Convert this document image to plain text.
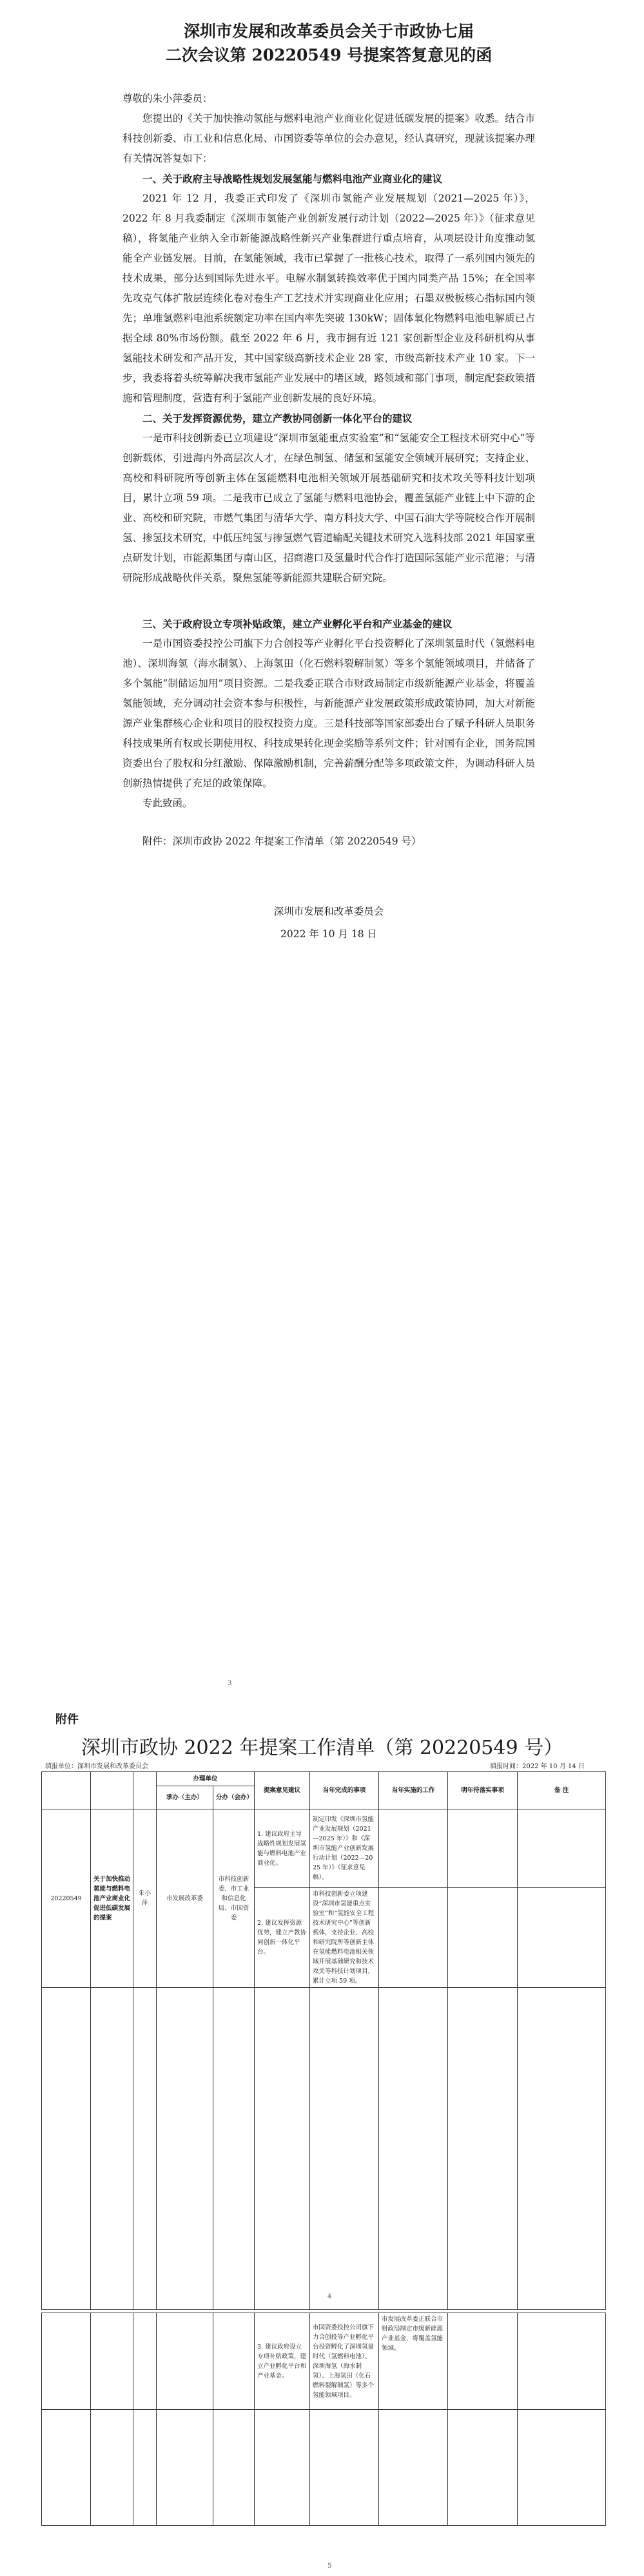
深圳市发展和改革委员会关于市政协七届
二次会议第 20220549 号提案答复意见的函
尊敬的朱小萍委员：

您提出的《关于加快推动氢能与燃料电池产业商业化促进低碳发展的提案》收悉。结合市科技创新委、市工业和信息化局、市国资委等单位的会办意见，经认真研究，现就该提案办理有关情况答复如下：

一、关于政府主导战略性规划发展氢能与燃料电池产业商业化的建议

2021 年 12 月，我委正式印发了《深圳市氢能产业发展规划（2021—2025 年）》，2022 年 8 月我委制定《深圳市氢能产业创新发展行动计划（2022—2025 年）》（征求意见稿），将氢能产业纳入全市新能源战略性新兴产业集群进行重点培育，从项层设计角度推动氢能全产业链发展。目前，在氢能领域，我市已掌握了一批核心技术，取得了一系列国内领先的技术成果，部分达到国际先进水平。电解水制氢转换效率优于国内同类产品 15%；在全国率先攻克气体扩散层连续化卷对卷生产工艺技术并实现商业化应用；石墨双极板核心指标国内领先；单堆氢燃料电池系统额定功率在国内率先突破 130kW；固体氧化物燃料电池电解质已占据全球 80%市场份额。截至 2022 年 6 月，我市拥有近 121 家创新型企业及科研机构从事氢能技术研发和产品开发，其中国家级高新技术企业 28 家，市级高新技术产业 10 家。下一步，我委将着头统筹解决我市氢能产业发展中的堵区域，路领域和部门事项，制定配套政策措施和管理制度，营造有利于氢能产业创新发展的良好环境。

二、关于发挥资源优势，建立产教协同创新一体化平台的建议

一是市科技创新委已立项建设“深圳市氢能重点实验室”和“氢能安全工程技术研究中心”等创新载体，引进海内外高层次人才，在绿色制氢、储氢和氢能安全领域开展研究；支持企业、高校和科研院所等创新主体在氢能燃料电池相关领域开展基础研究和技术攻关等科技计划项目，累计立项 59 项。二是我市已成立了氢能与燃料电池协会，覆盖氢能产业链上中下游的企业、高校和研究院，市燃气集团与清华大学、南方科技大学、中国石油大学等院校合作开展制氢、掺氢技术研究，中低压纯氢与掺氢燃气管道输配关键技术研究入选科技部 2021 年国家重点研发计划，市能源集团与南山区，招商港口及氢量时代合作打造国际氢能产业示范港；与清研院形成战略伙伴关系，聚焦氢能等新能源共建联合研究院。

三、关于政府设立专项补贴政策，建立产业孵化平台和产业基金的建议

一是市国资委投控公司旗下力合创投等产业孵化平台投资孵化了深圳氢量时代（氢燃料电池）、深圳海氢（海水制氢）、上海氢田（化石燃料裂解制氢）等多个氢能领域项目，并储备了多个氢能“制储运加用”项目资源。二是我委正联合市财政局制定市级新能源产业基金，将覆盖氢能领域，充分调动社会资本参与积极性，与新能源产业发展政策形成政策协同，加大对新能源产业集群核心企业和项目的股权投资力度。三是科技部等国家部委出台了赋予科研人员职务科技成果所有权或长期使用权、科技成果转化现金奖励等系列文件；针对国有企业，国务院国资委出台了股权和分红激励、保障激励机制，完善薪酬分配等多项政策文件，为调动科研人员创新热情提供了充足的政策保障。

专此致函。

附件：深圳市政协 2022 年提案工作清单（第 20220549 号）
深圳市发展和改革委员会
2022 年 10 月 18 日
3
附件
深圳市政协 2022 年提案工作清单（第 20220549 号）
填报单位：深圳市发展和改革委员会	填报时间：2022 年 10 月 14 日
			办理单位		提案意见建议	当年完成的事项	当年实施的工作	明年待落实事项	备 注
			承办（主办）	分办（会办）					
20220549	关于加快推动氢能与燃料电池产业商业化促进低碳发展的提案	朱小萍	市发展改革委	市科技创新委、市工业和信息化局、市国资委	1. 建议政府主导战略性规划发展氢能与燃料电池产业商业化。	制定印发《深圳市氢能产业发展规划（2021—2025 年）》和《深圳市氢能产业创新发展行动计划（2022—2025 年）》（征求意见稿）。			
					2. 建议发挥资源优势，建立产教协同创新一体化平台。	市科技创新委立项建设“深圳市氢能重点实验室”和“氢能安全工程技术研究中心”等创新载体，支持企业、高校和研究院所等创新主体在氢能燃料电池相关领域开展基础研究和技术攻关等科技计划项目，累计立项 59 项。			

4
					3. 建议政府设立专项补贴政策，建立产业孵化平台和产业基金。	市国资委投控公司旗下力合创投等产业孵化平台投资孵化了深圳氢量时代（氢燃料电池）、深圳海氢（海水制氢）、上海氢田（化石燃料裂解制氢）等多个氢能领域项目。	市发展改革委正联合市财政局制定市级新能源产业基金，将覆盖氢能领域。		

5
